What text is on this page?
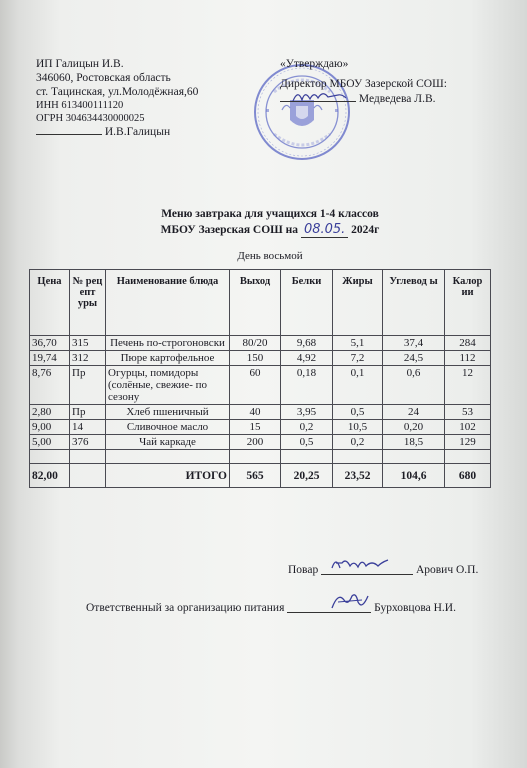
ИП Галицын И.В.
346060, Ростовская область
ст. Тацинская, ул.Молодёжная,60
ИНН 613400111120
ОГРН 304634430000025
И.В.Галицын
«Утверждаю»
Директор МБОУ Зазерской СОШ:
Медведева Л.В.
Меню завтрака для учащихся 1-4 классов
МБОУ Зазерская СОШ на 08.05. 2024г
День восьмой
Цена	№ рец епт уры	Наименование блюда	Выход	Белки	Жиры	Углевод ы	Калор ии
36,70	315	Печень по-строгоновски	80/20	9,68	5,1	37,4	284
19,74	312	Пюре картофельное	150	4,92	7,2	24,5	112
8,76	Пр	Огурцы, помидоры (солёные, свежие- по сезону	60	0,18	0,1	0,6	12
2,80	Пр	Хлеб пшеничный	40	3,95	0,5	24	53
9,00	14	Сливочное масло	15	0,2	10,5	0,20	102
5,00	376	Чай каркаде	200	0,5	0,2	18,5	129

82,00		ИТОГО	565	20,25	23,52	104,6	680
Повар	Арович О.П.
Ответственный за организацию питания	Бурховцова Н.И.
